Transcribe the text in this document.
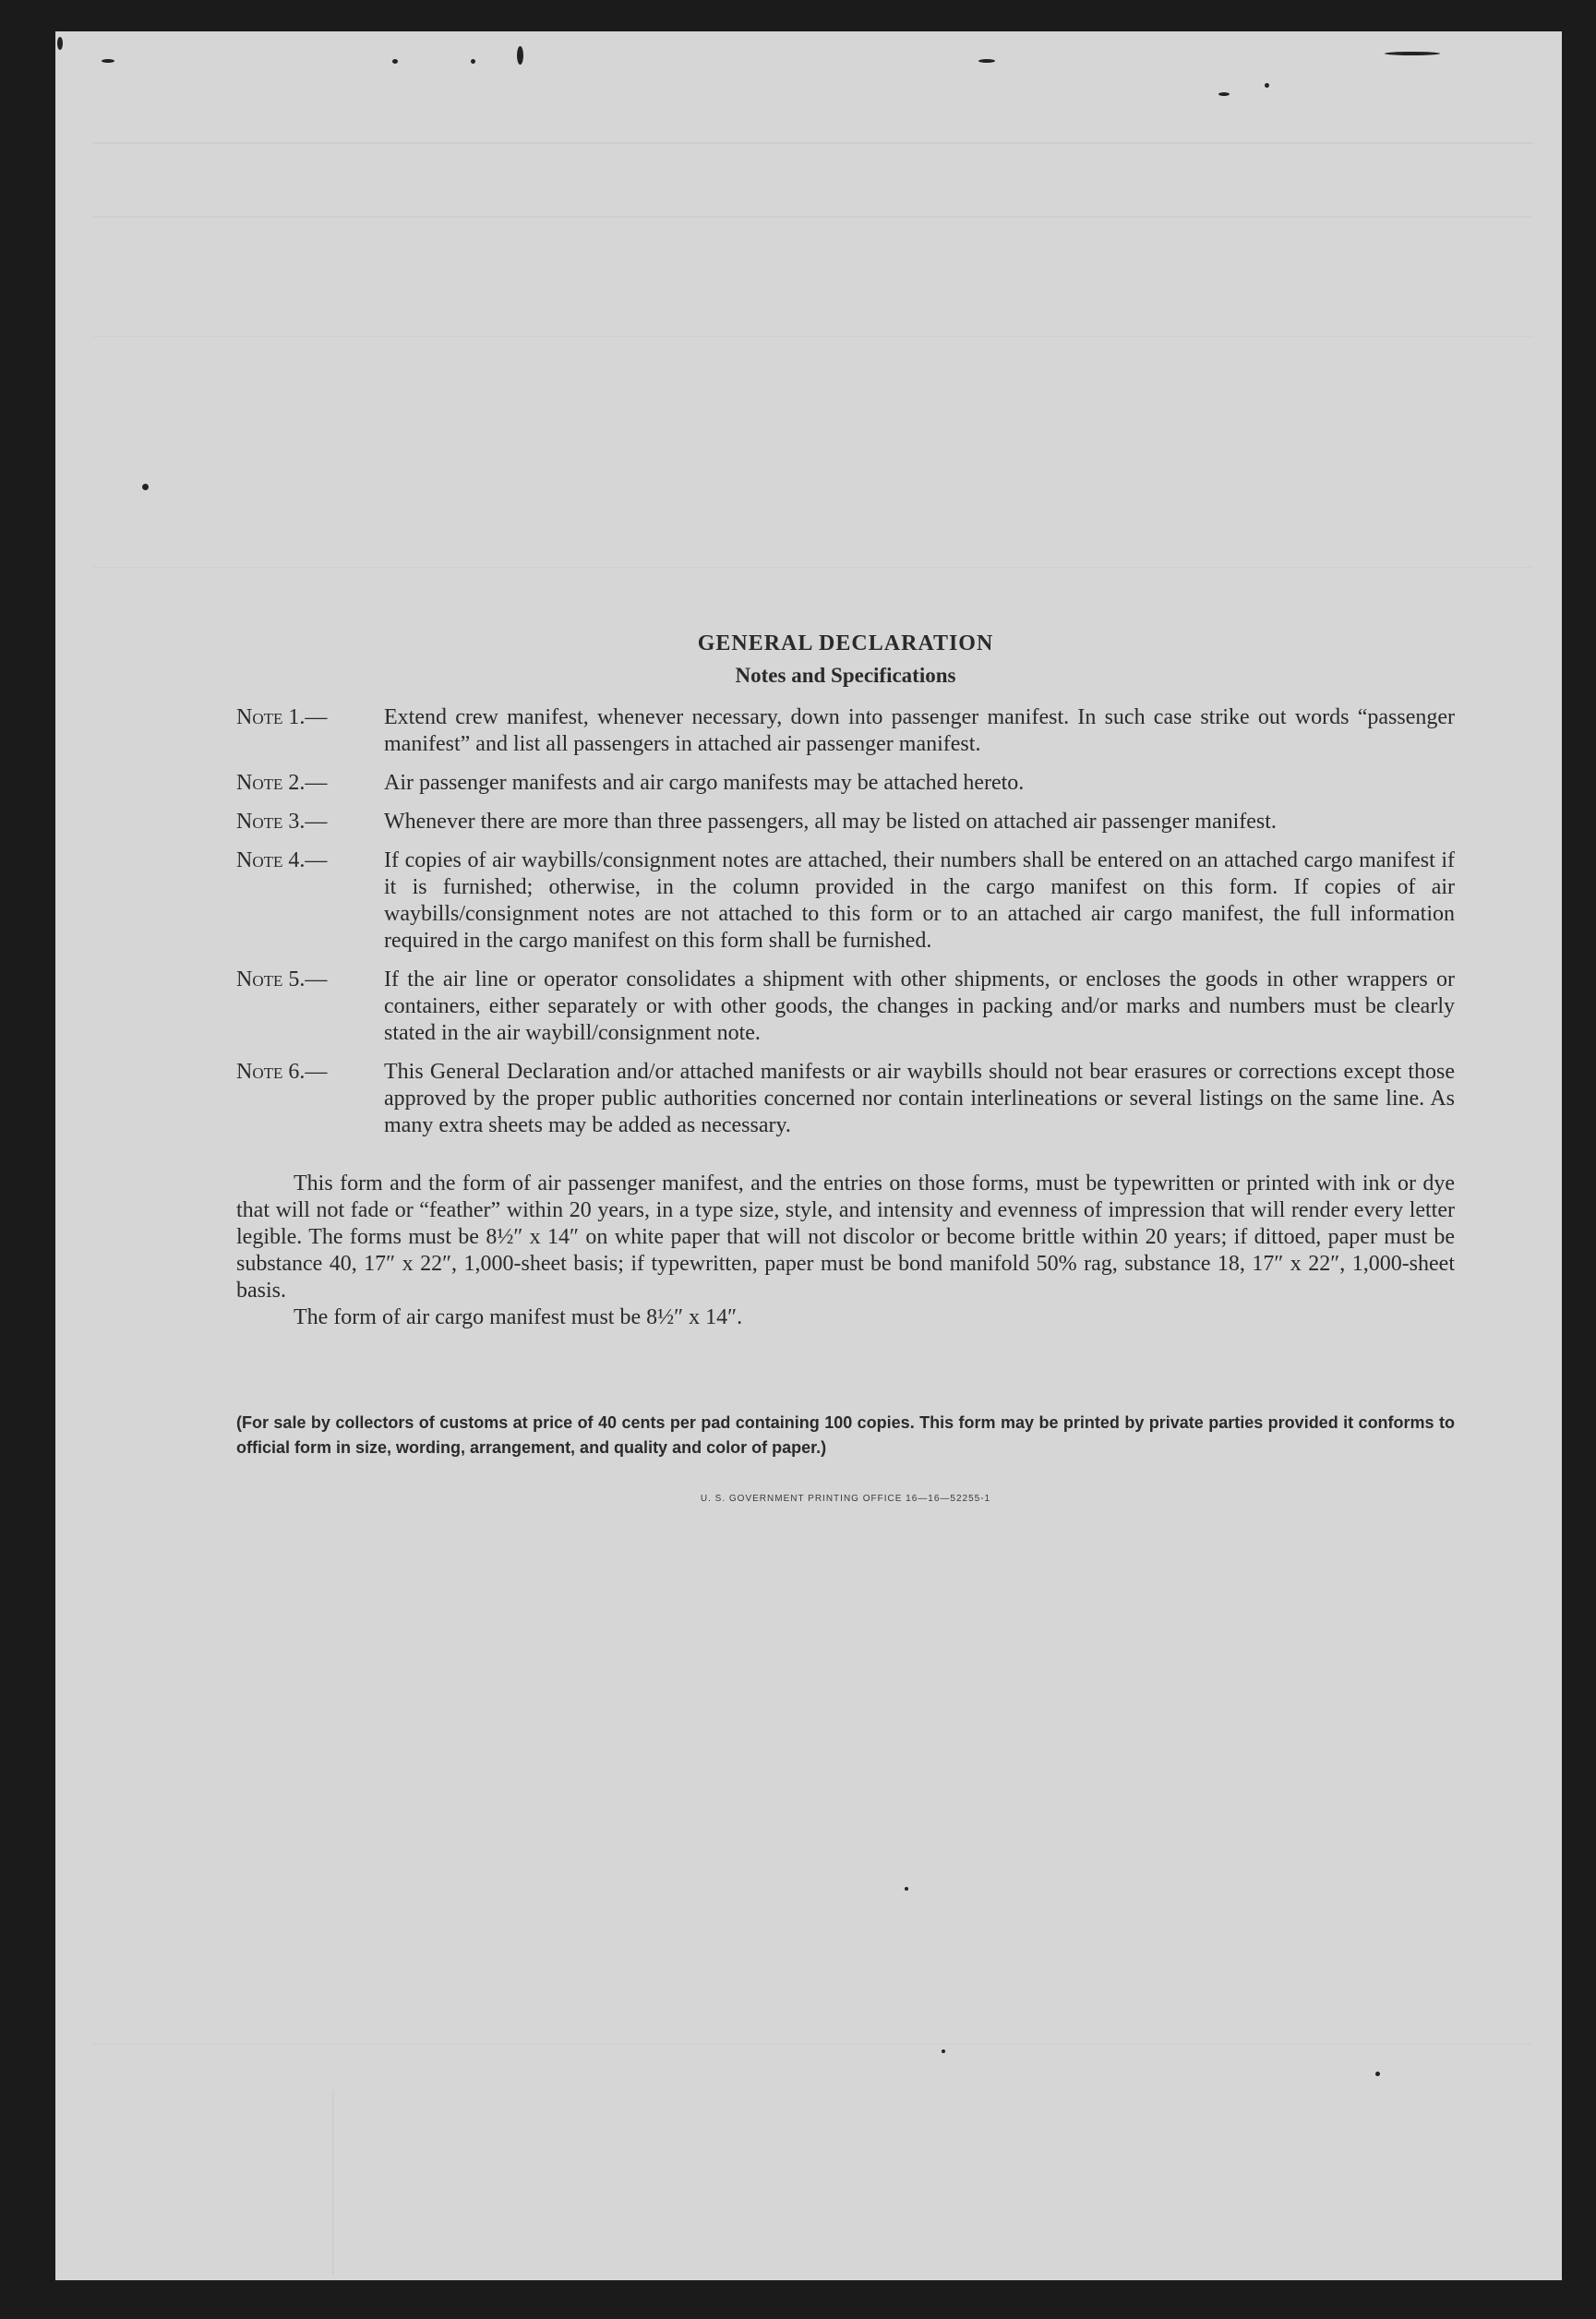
GENERAL DECLARATION
Notes and Specifications
Note 1.—	Extend crew manifest, whenever necessary, down into passenger manifest. In such case strike out words “passenger manifest” and list all passengers in attached air passenger manifest.
Note 2.—	Air passenger manifests and air cargo manifests may be attached hereto.
Note 3.—	Whenever there are more than three passengers, all may be listed on attached air passenger manifest.
Note 4.—	If copies of air waybills/consignment notes are attached, their numbers shall be entered on an attached cargo manifest if it is furnished; otherwise, in the column provided in the cargo manifest on this form. If copies of air waybills/consignment notes are not attached to this form or to an attached air cargo manifest, the full information required in the cargo manifest on this form shall be furnished.
Note 5.—	If the air line or operator consolidates a shipment with other shipments, or encloses the goods in other wrappers or containers, either separately or with other goods, the changes in packing and/or marks and numbers must be clearly stated in the air waybill/consignment note.
Note 6.—	This General Declaration and/or attached manifests or air waybills should not bear erasures or corrections except those approved by the proper public authorities concerned nor contain interlineations or several listings on the same line. As many extra sheets may be added as necessary.

This form and the form of air passenger manifest, and the entries on those forms, must be typewritten or printed with ink or dye that will not fade or “feather” within 20 years, in a type size, style, and intensity and evenness of impression that will render every letter legible. The forms must be 8½″ x 14″ on white paper that will not discolor or become brittle within 20 years; if dittoed, paper must be substance 40, 17″ x 22″, 1,000-sheet basis; if typewritten, paper must be bond manifold 50% rag, substance 18, 17″ x 22″, 1,000-sheet basis.

The form of air cargo manifest must be 8½″ x 14″.

(For sale by collectors of customs at price of 40 cents per pad containing 100 copies. This form may be printed by private parties provided it conforms to official form in size, wording, arrangement, and quality and color of paper.)
U. S. GOVERNMENT PRINTING OFFICE 16—16—52255-1
